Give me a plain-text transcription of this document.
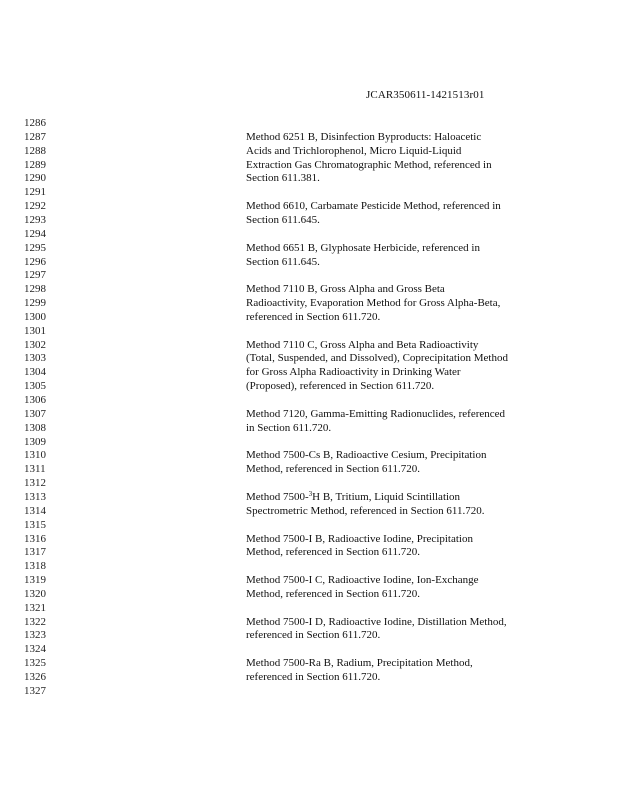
JCAR350611-1421513r01
1286
1287	Method 6251 B, Disinfection Byproducts: Haloacetic
1288	Acids and Trichlorophenol, Micro Liquid-Liquid
1289	Extraction Gas Chromatographic Method, referenced in
1290	Section 611.381.
1291
1292	Method 6610, Carbamate Pesticide Method, referenced in
1293	Section 611.645.
1294
1295	Method 6651 B, Glyphosate Herbicide, referenced in
1296	Section 611.645.
1297
1298	Method 7110 B, Gross Alpha and Gross Beta
1299	Radioactivity, Evaporation Method for Gross Alpha-Beta,
1300	referenced in Section 611.720.
1301
1302	Method 7110 C, Gross Alpha and Beta Radioactivity
1303	(Total, Suspended, and Dissolved), Coprecipitation Method
1304	for Gross Alpha Radioactivity in Drinking Water
1305	(Proposed), referenced in Section 611.720.
1306
1307	Method 7120, Gamma-Emitting Radionuclides, referenced
1308	in Section 611.720.
1309
1310	Method 7500-Cs B, Radioactive Cesium, Precipitation
1311	Method, referenced in Section 611.720.
1312
1313	Method 7500-$^3$H B, Tritium, Liquid Scintillation
1314	Spectrometric Method, referenced in Section 611.720.
1315
1316	Method 7500-I B, Radioactive Iodine, Precipitation
1317	Method, referenced in Section 611.720.
1318
1319	Method 7500-I C, Radioactive Iodine, Ion-Exchange
1320	Method, referenced in Section 611.720.
1321
1322	Method 7500-I D, Radioactive Iodine, Distillation Method,
1323	referenced in Section 611.720.
1324
1325	Method 7500-Ra B, Radium, Precipitation Method,
1326	referenced in Section 611.720.
1327
